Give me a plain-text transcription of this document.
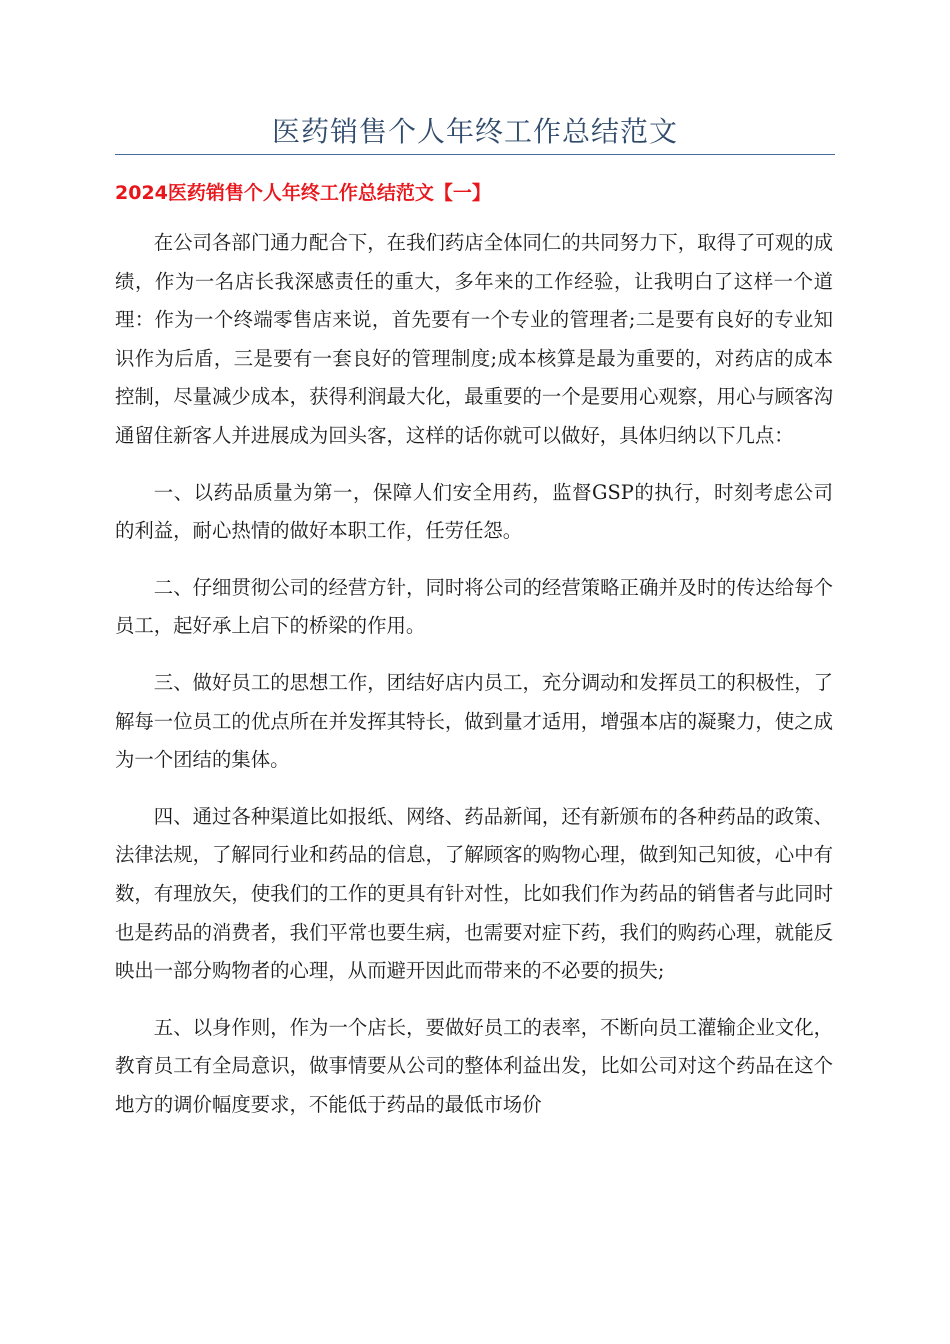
医药销售个人年终工作总结范文
2024医药销售个人年终工作总结范文【一】

在公司各部门通力配合下，在我们药店全体同仁的共同努力下，取得了可观的成绩，作为一名店长我深感责任的重大，多年来的工作经验，让我明白了这样一个道理：作为一个终端零售店来说，首先要有一个专业的管理者;二是要有良好的专业知识作为后盾，三是要有一套良好的管理制度;成本核算是最为重要的，对药店的成本控制，尽量减少成本，获得利润最大化，最重要的一个是要用心观察，用心与顾客沟通留住新客人并进展成为回头客，这样的话你就可以做好，具体归纳以下几点：

一、以药品质量为第一，保障人们安全用药，监督GSP的执行，时刻考虑公司的利益，耐心热情的做好本职工作，任劳任怨。

二、仔细贯彻公司的经营方针，同时将公司的经营策略正确并及时的传达给每个员工，起好承上启下的桥梁的作用。

三、做好员工的思想工作，团结好店内员工，充分调动和发挥员工的积极性，了解每一位员工的优点所在并发挥其特长，做到量才适用，增强本店的凝聚力，使之成为一个团结的集体。

四、通过各种渠道比如报纸、网络、药品新闻，还有新颁布的各种药品的政策、法律法规，了解同行业和药品的信息，了解顾客的购物心理，做到知己知彼，心中有数，有理放矢，使我们的工作的更具有针对性，比如我们作为药品的销售者与此同时也是药品的消费者，我们平常也要生病，也需要对症下药，我们的购药心理，就能反映出一部分购物者的心理，从而避开因此而带来的不必要的损失;

五、以身作则，作为一个店长，要做好员工的表率，不断向员工灌输企业文化，教育员工有全局意识，做事情要从公司的整体利益出发，比如公司对这个药品在这个地方的调价幅度要求，不能低于药品的最低市场价
